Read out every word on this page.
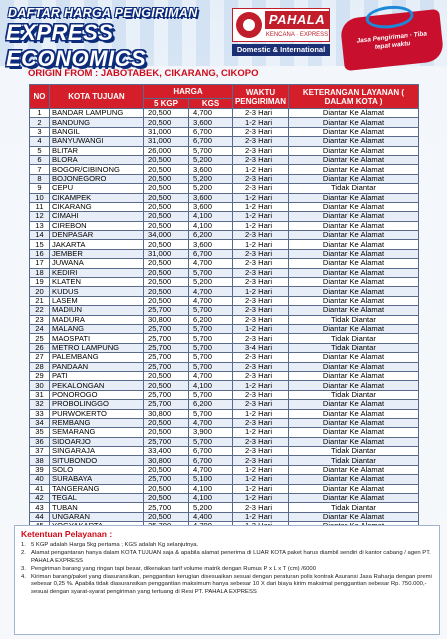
DAFTAR HARGA PENGIRIMAN
EXPRESS ECONOMICS
PAHALA
KENCANA · EXPRESS
Domestic & International
Jasa Pengiriman · Tiba tepat waktu
ORIGIN FROM : JABOTABEK, CIKARANG, CIKOPO
NO	KOTA TUJUAN	HARGA		WAKTU PENGIRIMAN	KETERANGAN LAYANAN ( DALAM KOTA )
		5 KGP	KGS		
1	BANDAR LAMPUNG	20,500	4,700	2-3 Hari	Diantar Ke Alamat
2	BANDUNG	20,500	3,600	1-2 Hari	Diantar Ke Alamat
3	BANGIL	31,000	6,700	2-3 Hari	Diantar Ke Alamat
4	BANYUWANGI	31,000	6,700	2-3 Hari	Diantar Ke Alamat
5	BLITAR	26,000	5,700	2-3 Hari	Diantar Ke Alamat
6	BLORA	20,500	5,200	2-3 Hari	Diantar Ke Alamat
7	BOGOR/CIBINONG	20,500	3,600	1-2 Hari	Diantar Ke Alamat
8	BOJONEGORO	20,500	5,200	2-3 Hari	Diantar Ke Alamat
9	CEPU	20,500	5,200	2-3 Hari	Tidak Diantar
10	CIKAMPEK	20,500	3,600	1-2 Hari	Diantar Ke Alamat
11	CIKARANG	20,500	3,600	1-2 Hari	Diantar Ke Alamat
12	CIMAHI	20,500	4,100	1-2 Hari	Diantar Ke Alamat
13	CIREBON	20,500	4,100	1-2 Hari	Diantar Ke Alamat
14	DENPASAR	34,000	6,200	2-3 Hari	Diantar Ke Alamat
15	JAKARTA	20,500	3,600	1-2 Hari	Diantar Ke Alamat
16	JEMBER	31,000	6,700	2-3 Hari	Diantar Ke Alamat
17	JUWANA	20,500	4,700	2-3 Hari	Diantar Ke Alamat
18	KEDIRI	20,500	5,700	2-3 Hari	Diantar Ke Alamat
19	KLATEN	20,500	5,200	2-3 Hari	Diantar Ke Alamat
20	KUDUS	20,500	4,700	1-2 Hari	Diantar Ke Alamat
21	LASEM	20,500	4,700	2-3 Hari	Diantar Ke Alamat
22	MADIUN	25,700	5,700	2-3 Hari	Diantar Ke Alamat
23	MADURA	30,800	6,200	2-3 Hari	Tidak Diantar
24	MALANG	25,700	5,700	1-2 Hari	Diantar Ke Alamat
25	MAOSPATI	25,700	5,700	2-3 Hari	Tidak Diantar
26	METRO LAMPUNG	25,700	5,700	3-4 Hari	Tidak Diantar
27	PALEMBANG	25,700	5,700	2-3 Hari	Diantar Ke Alamat
28	PANDAAN	25,700	5,700	2-3 Hari	Diantar Ke Alamat
29	PATI	20,500	4,700	2-3 Hari	Diantar Ke Alamat
30	PEKALONGAN	20,500	4,100	1-2 Hari	Diantar Ke Alamat
31	PONOROGO	25,700	5,700	2-3 Hari	Tidak Diantar
32	PROBOLINGGO	25,700	6,200	2-3 Hari	Diantar Ke Alamat
33	PURWOKERTO	30,800	5,700	1-2 Hari	Diantar Ke Alamat
34	REMBANG	20,500	4,700	2-3 Hari	Diantar Ke Alamat
35	SEMARANG	20,500	3,900	1-2 Hari	Diantar Ke Alamat
36	SIDOARJO	25,700	5,700	2-3 Hari	Diantar Ke Alamat
37	SINGARAJA	33,400	6,700	2-3 Hari	Tidak Diantar
38	SITUBONDO	30,800	6,700	2-3 Hari	Tidak Diantar
39	SOLO	20,500	4,700	1-2 Hari	Diantar Ke Alamat
40	SURABAYA	25,700	5,100	1-2 Hari	Diantar Ke Alamat
41	TANGERANG	20,500	4,100	1-2 Hari	Diantar Ke Alamat
42	TEGAL	20,500	4,100	1-2 Hari	Diantar Ke Alamat
43	TUBAN	25,700	5,200	2-3 Hari	Tidak Diantar
44	UNGARAN	20,500	4,400	1-2 Hari	Diantar Ke Alamat

Ketentuan Pelayanan :
1. 5 KGP adalah Harga 5kg pertama ; KGS adalah Kg selanjutnya.
2. Alamat pengantaran hanya dalam KOTA TUJUAN saja & apabila alamat penerima di LUAR KOTA paket harus diambil sendiri di kantor cabang / agen PT. PAHALA EXPRESS
3. Pengiriman barang yang ringan tapi besar, dikenakan tarif volume matrik dengan Rumus P x L x T (cm) /6000
4. Kiriman barang/paket yang diasuransikan, penggantian kerugian disesuaikan sesuai dengan peraturan polis kontrak Asuransi Jasa Raharja dengan premi sebesar 0,25 %. Apabila tidak diasuransikan penggantian maksimum hanya sebesar 10 X dari biaya kirim maksimal penggantian sebesar Rp. 750.000,- sesuai dengan syarat-syarat pengiriman yang tertuang di Resi PT. PAHALA EXPRESS
